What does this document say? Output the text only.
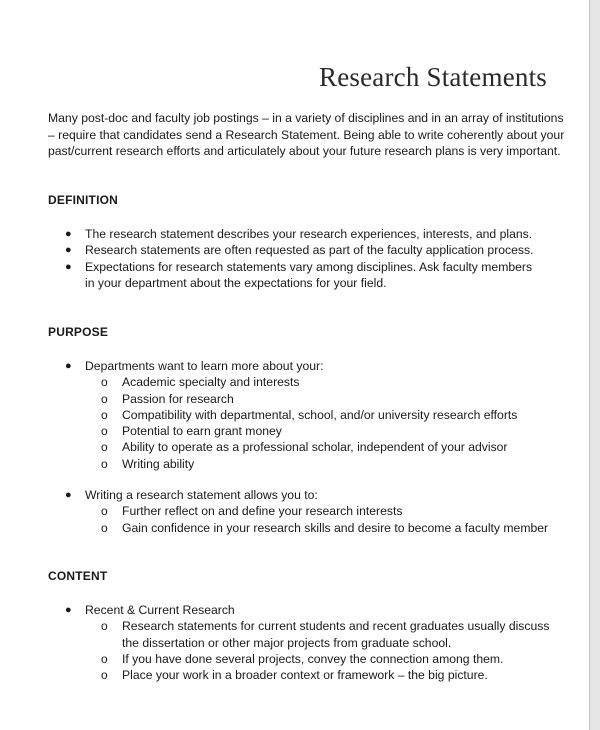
Research Statements

Many post-doc and faculty job postings – in a variety of disciplines and in an array of institutions – require that candidates send a Research Statement. Being able to write coherently about your past/current research efforts and articulately about your future research plans is very important.

DEFINITION
● The research statement describes your research experiences, interests, and plans.
● Research statements are often requested as part of the faculty application process.
● Expectations for research statements vary among disciplines. Ask faculty members in your department about the expectations for your field.
PURPOSE
● Departments want to learn more about your:
o Academic specialty and interests
o Passion for research
o Compatibility with departmental, school, and/or university research efforts
o Potential to earn grant money
o Ability to operate as a professional scholar, independent of your advisor
o Writing ability
● Writing a research statement allows you to:
o Further reflect on and define your research interests
o Gain confidence in your research skills and desire to become a faculty member
CONTENT
● Recent & Current Research
o Research statements for current students and recent graduates usually discuss the dissertation or other major projects from graduate school.
o If you have done several projects, convey the connection among them.
o Place your work in a broader context or framework – the big picture.
